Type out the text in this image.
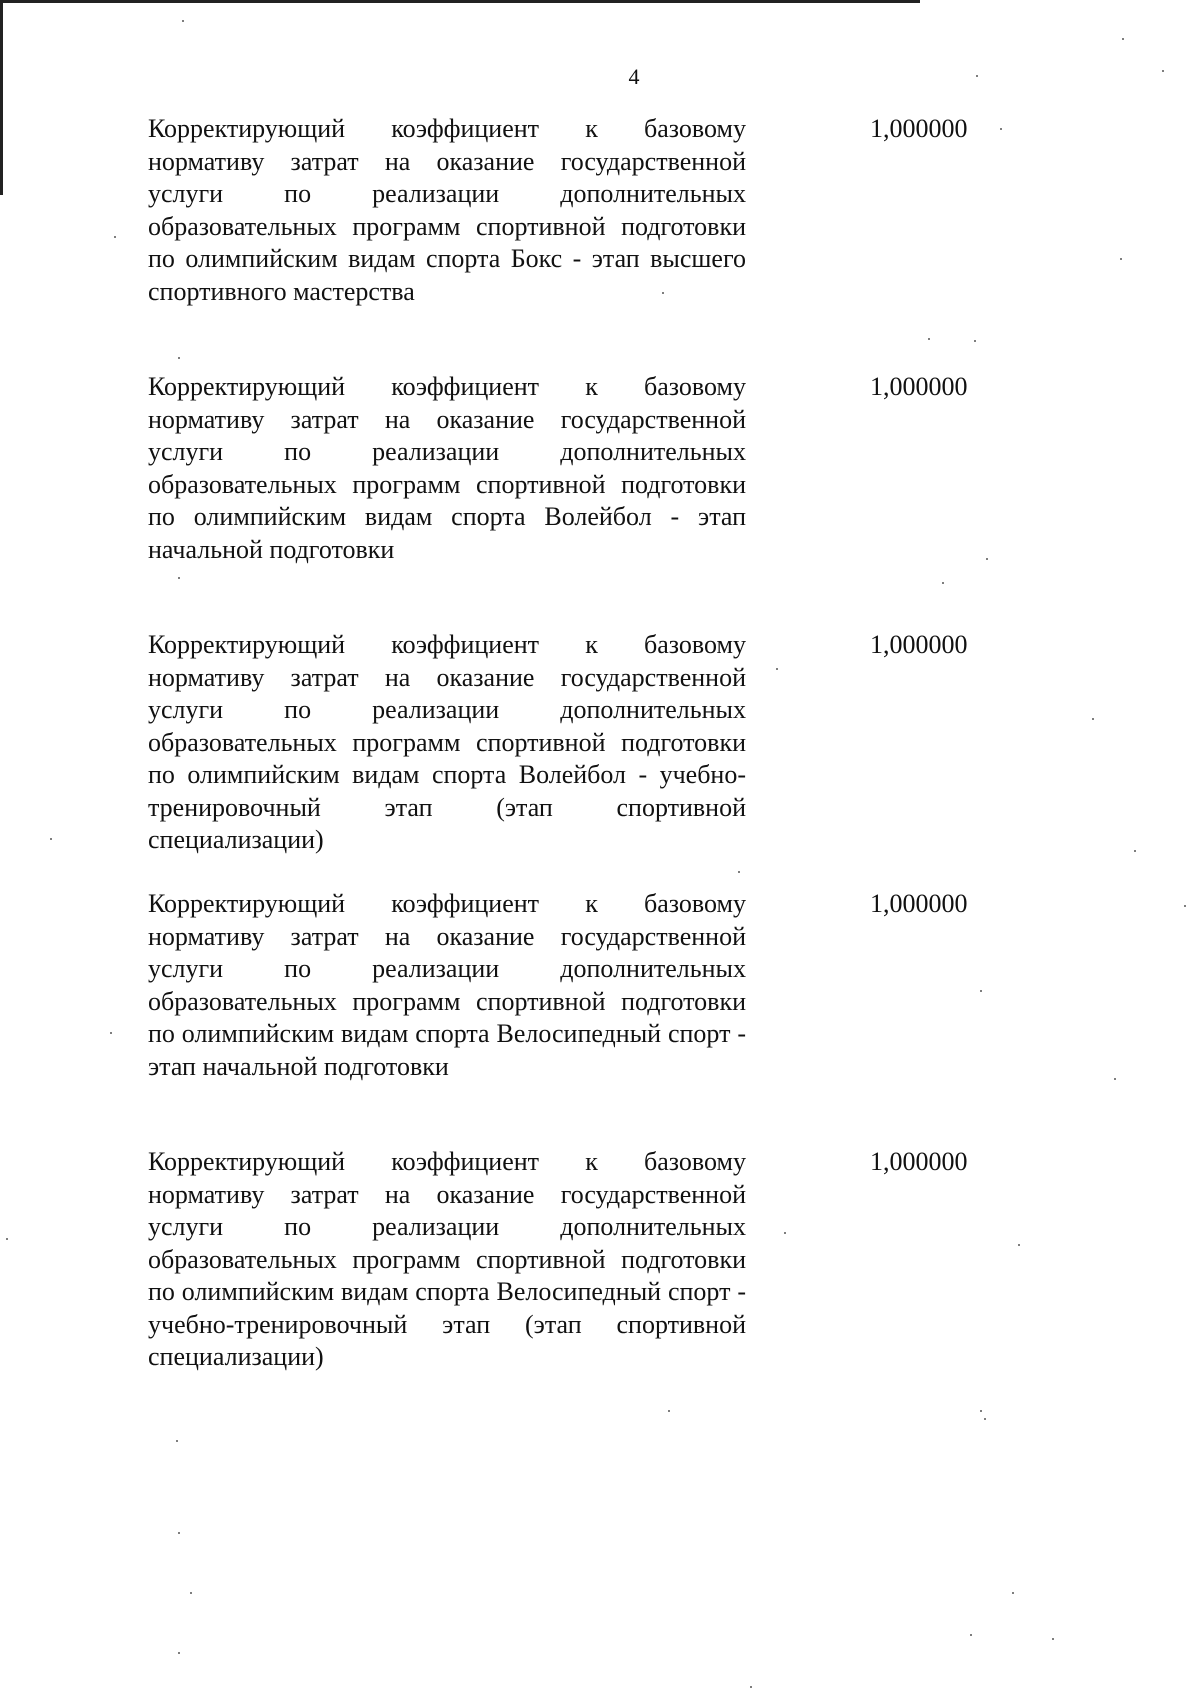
4
Корректирующий коэффициент к базовому нормативу затрат на оказание государственной услуги по реализации дополнительных образовательных программ спортивной подготовки по олимпийским видам спорта Бокс - этап высшего спортивного мастерства
1,000000
Корректирующий коэффициент к базовому нормативу затрат на оказание государственной услуги по реализации дополнительных образовательных программ спортивной подготовки по олимпийским видам спорта Волейбол - этап начальной подготовки
1,000000
Корректирующий коэффициент к базовому нормативу затрат на оказание государственной услуги по реализации дополнительных образовательных программ спортивной подготовки по олимпийским видам спорта Волейбол - учебно-тренировочный этап (этап спортивной специализации)
1,000000
Корректирующий коэффициент к базовому нормативу затрат на оказание государственной услуги по реализации дополнительных образовательных программ спортивной подготовки по олимпийским видам спорта Велосипедный спорт - этап начальной подготовки
1,000000
Корректирующий коэффициент к базовому нормативу затрат на оказание государственной услуги по реализации дополнительных образовательных программ спортивной подготовки по олимпийским видам спорта Велосипедный спорт - учебно-тренировочный этап (этап спортивной специализации)
1,000000
